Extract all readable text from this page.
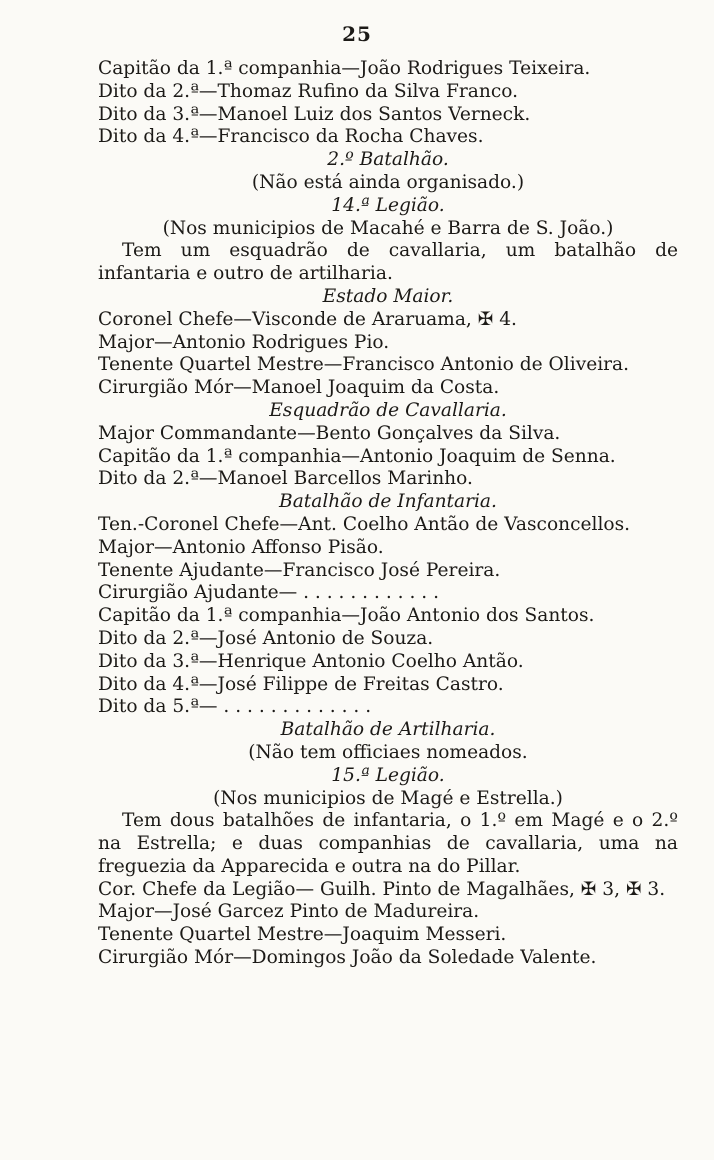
25
Capitão da 1.ª companhia—João Rodrigues Teixeira.
Dito da 2.ª—Thomaz Rufino da Silva Franco.
Dito da 3.ª—Manoel Luiz dos Santos Verneck.
Dito da 4.ª—Francisco da Rocha Chaves.
2.º Batalhão.
(Não está ainda organisado.)
14.ª Legião.
(Nos municipios de Macahé e Barra de S. João.)
Tem um esquadrão de cavallaria, um batalhão de infantaria e outro de artilharia.
Estado Maior.
Coronel Chefe—Visconde de Araruama, ✠ 4.
Major—Antonio Rodrigues Pio.
Tenente Quartel Mestre—Francisco Antonio de Oliveira.
Cirurgião Mór—Manoel Joaquim da Costa.
Esquadrão de Cavallaria.
Major Commandante—Bento Gonçalves da Silva.
Capitão da 1.ª companhia—Antonio Joaquim de Senna.
Dito da 2.ª—Manoel Barcellos Marinho.
Batalhão de Infantaria.
Ten.-Coronel Chefe—Ant. Coelho Antão de Vasconcellos.
Major—Antonio Affonso Pisão.
Tenente Ajudante—Francisco José Pereira.
Cirurgião Ajudante— . . . . . . . . . . . .
Capitão da 1.ª companhia—João Antonio dos Santos.
Dito da 2.ª—José Antonio de Souza.
Dito da 3.ª—Henrique Antonio Coelho Antão.
Dito da 4.ª—José Filippe de Freitas Castro.
Dito da 5.ª— . . . . . . . . . . . . .
Batalhão de Artilharia.
(Não tem officiaes nomeados.
15.ª Legião.
(Nos municipios de Magé e Estrella.)
Tem dous batalhões de infantaria, o 1.º em Magé e o 2.º na Estrella; e duas companhias de cavallaria, uma na freguezia da Apparecida e outra na do Pillar.
Cor. Chefe da Legião— Guilh. Pinto de Magalhães, ✠ 3, ✠ 3.
Major—José Garcez Pinto de Madureira.
Tenente Quartel Mestre—Joaquim Messeri.
Cirurgião Mór—Domingos João da Soledade Valente.
